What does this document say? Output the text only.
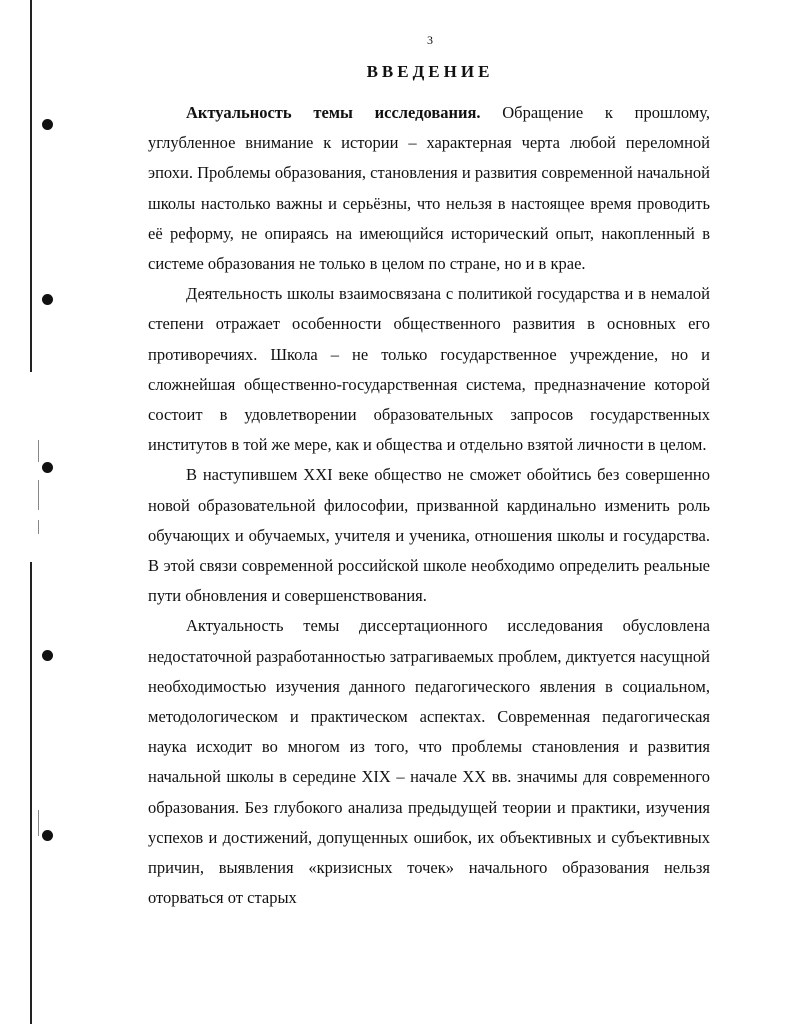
3
ВВЕДЕНИЕ

Актуальность темы исследования. Обращение к прошлому, углубленное внимание к истории – характерная черта любой переломной эпохи. Проблемы образования, становления и развития современной начальной школы настолько важны и серьёзны, что нельзя в настоящее время проводить её реформу, не опираясь на имеющийся исторический опыт, накопленный в системе образования не только в целом по стране, но и в крае.

Деятельность школы взаимосвязана с политикой государства и в немалой степени отражает особенности общественного развития в основных его противоречиях. Школа – не только государственное учреждение, но и сложнейшая общественно-государственная система, предназначение которой состоит в удовлетворении образовательных запросов государственных институтов в той же мере, как и общества и отдельно взятой личности в целом.

В наступившем XXI веке общество не сможет обойтись без совершенно новой образовательной философии, призванной кардинально изменить роль обучающих и обучаемых, учителя и ученика, отношения школы и государства. В этой связи современной российской школе необходимо определить реальные пути обновления и совершенствования.

Актуальность темы диссертационного исследования обусловлена недостаточной разработанностью затрагиваемых проблем, диктуется насущной необходимостью изучения данного педагогического явления в социальном, методологическом и практическом аспектах. Современная педагогическая наука исходит во многом из того, что проблемы становления и развития начальной школы в середине XIX – начале XX вв. значимы для современного образования. Без глубокого анализа предыдущей теории и практики, изучения успехов и достижений, допущенных ошибок, их объективных и субъективных причин, выявления «кризисных точек» начального образования нельзя оторваться от старых
